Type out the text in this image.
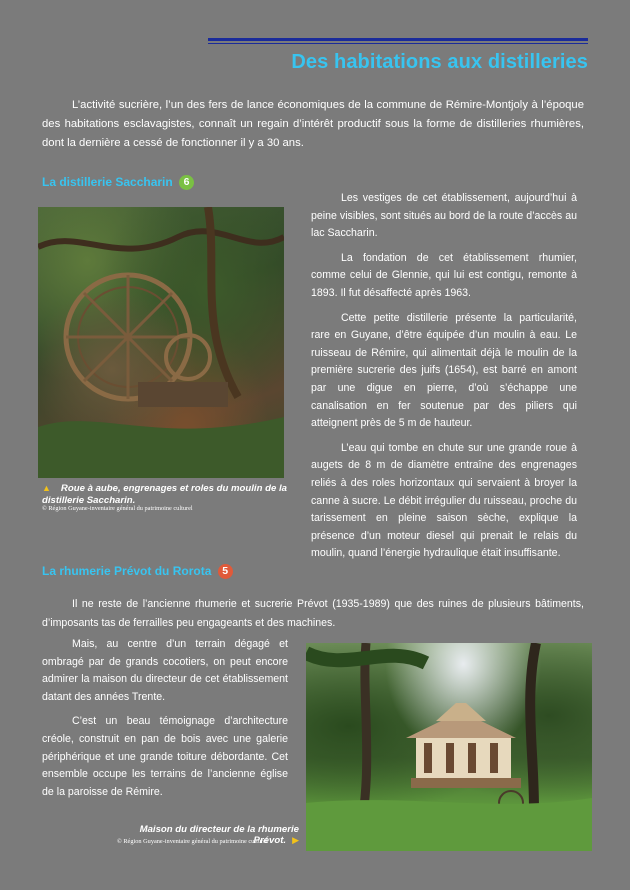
Des habitations aux distilleries
L’activité sucrière, l’un des fers de lance économiques de la commune de Rémire-Montjoly à l’époque des habitations esclavagistes, connaît un regain d’intérêt productif sous la forme de distilleries rhumières, dont la dernière a cessé de fonctionner il y a 30 ans.
La distillerie Saccharin 6

Les vestiges de cet établissement, aujourd’hui à peine visibles, sont situés au bord de la route d’accès au lac Saccharin.

La fondation de cet établissement rhumier, comme celui de Glennie, qui lui est contigu, remonte à 1893. Il fut désaffecté après 1963.

Cette petite distillerie présente la particularité, rare en Guyane, d’être équipée d’un moulin à eau. Le ruisseau de Rémire, qui alimentait déjà le moulin de la première sucrerie des juifs (1654), est barré en amont par une digue en pierre, d’où s’échappe une canalisation en fer soutenue par des piliers qui atteignent près de 5 m de hauteur.

L’eau qui tombe en chute sur une grande roue à augets de 8 m de diamètre entraîne des engrenages reliés à des roles horizontaux qui servaient à broyer la canne à sucre. Le débit irrégulier du ruisseau, proche du tarissement en pleine saison sèche, explique la présence d’un moteur diesel qui prenait le relais du moulin, quand l’énergie hydraulique était insuffisante.

▲ Roue à aube, engrenages et roles du moulin de la distillerie Saccharin.
© Région Guyane-inventaire général du patrimoine culturel
La rhumerie Prévot du Rorota 5
Il ne reste de l’ancienne rhumerie et sucrerie Prévot (1935-1989) que des ruines de plusieurs bâtiments, d’imposants tas de ferrailles peu engageants et des machines.

Mais, au centre d’un terrain dégagé et ombragé par de grands cocotiers, on peut encore admirer la maison du directeur de cet établissement datant des années Trente.

C’est un beau témoignage d’architecture créole, construit en pan de bois avec une galerie périphérique et une grande toiture débordante. Cet ensemble occupe les terrains de l’ancienne église de la paroisse de Rémire.

Maison du directeur de la rhumerie Prévot. ▶
© Région Guyane-inventaire général du patrimoine culturel
